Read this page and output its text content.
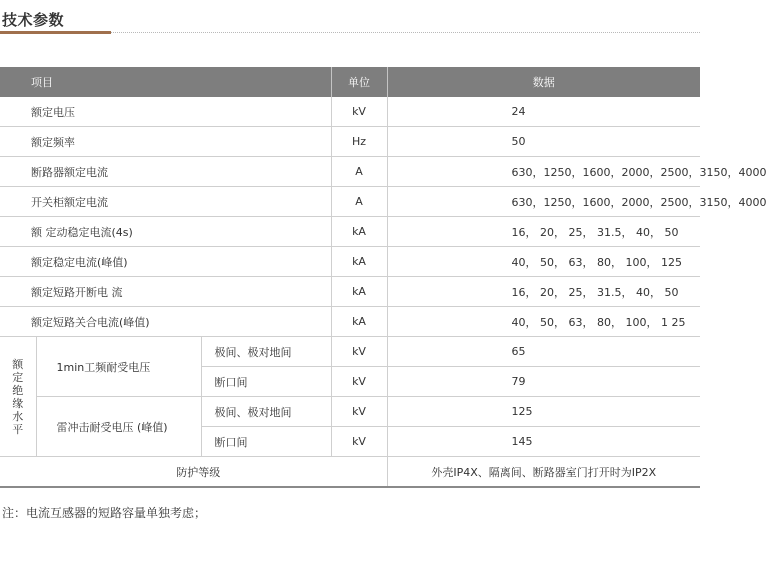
技术参数
项目			单位	数据
额定电压			kV	24
额定频率			Hz	50
断路器额定电流			A	630，1250，1600，2000，2500，3150，4000
开关柜额定电流			A	630，1250，1600，2000，2500，3150，4000
额 定动稳定电流(4s)			kA	16， 20， 25， 31.5， 40， 50
额定稳定电流(峰值)			kA	40， 50， 63， 80， 100， 125
额定短路开断电 流			kA	16， 20， 25， 31.5， 40， 50
额定短路关合电流(峰值)			kA	40， 50， 63， 80， 100， 1 25
额定绝缘水平	1min工频耐受电压	极间、极对地间	kV	65
		断口间	kV	79
	雷冲击耐受电压 (峰值)	极间、极对地间	kV	125
		断口间	kV	145
防护等级				外壳IP4X、隔离间、断路器室门打开时为IP2X
注：电流互感器的短路容量单独考虑；
